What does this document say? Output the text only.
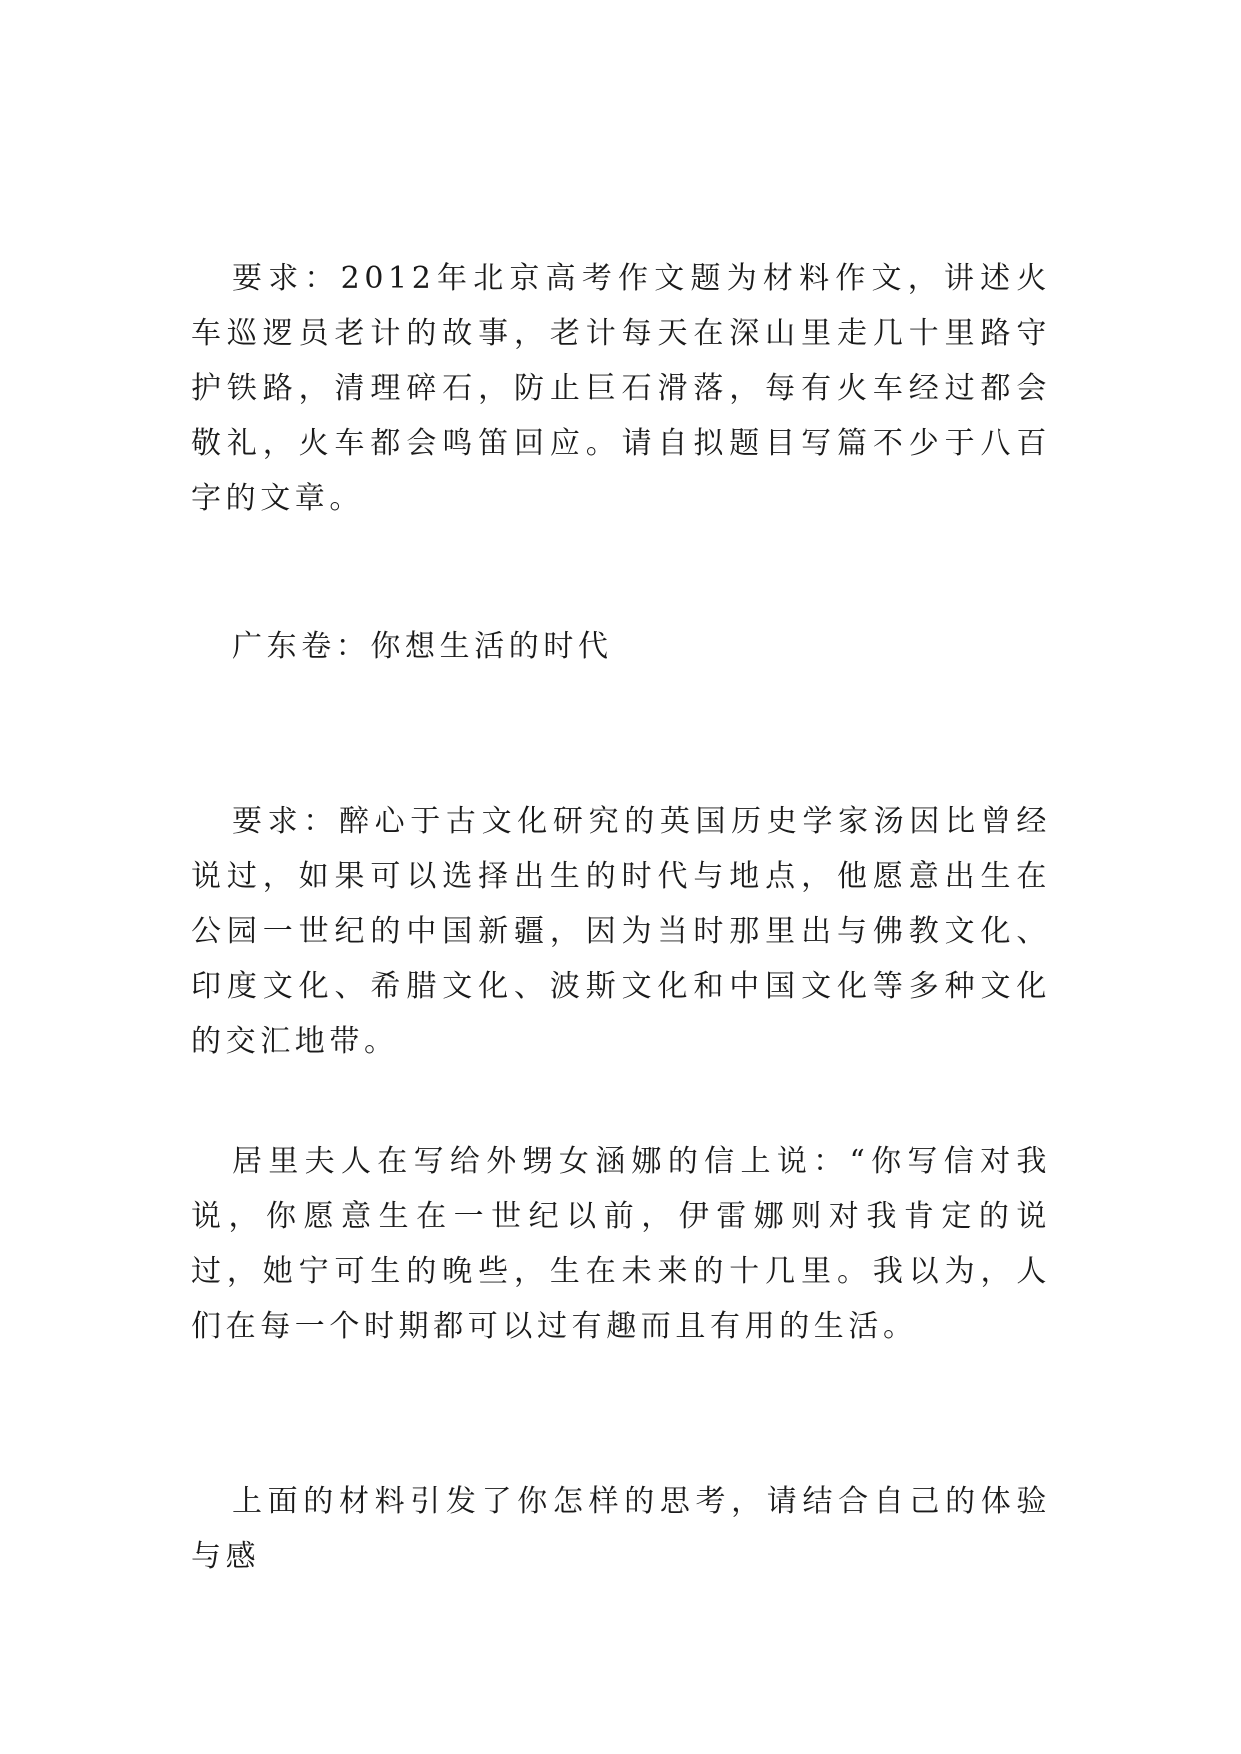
要求：2012年北京高考作文题为材料作文，讲述火车巡逻员老计的故事，老计每天在深山里走几十里路守护铁路，清理碎石，防止巨石滑落，每有火车经过都会敬礼，火车都会鸣笛回应。请自拟题目写篇不少于八百字的文章。

广东卷：你想生活的时代

要求：醉心于古文化研究的英国历史学家汤因比曾经说过，如果可以选择出生的时代与地点，他愿意出生在公园一世纪的中国新疆，因为当时那里出与佛教文化、印度文化、希腊文化、波斯文化和中国文化等多种文化的交汇地带。

居里夫人在写给外甥女涵娜的信上说：“你写信对我说，你愿意生在一世纪以前，伊雷娜则对我肯定的说过，她宁可生的晚些，生在未来的十几里。我以为，人们在每一个时期都可以过有趣而且有用的生活。

上面的材料引发了你怎样的思考，请结合自己的体验与感
